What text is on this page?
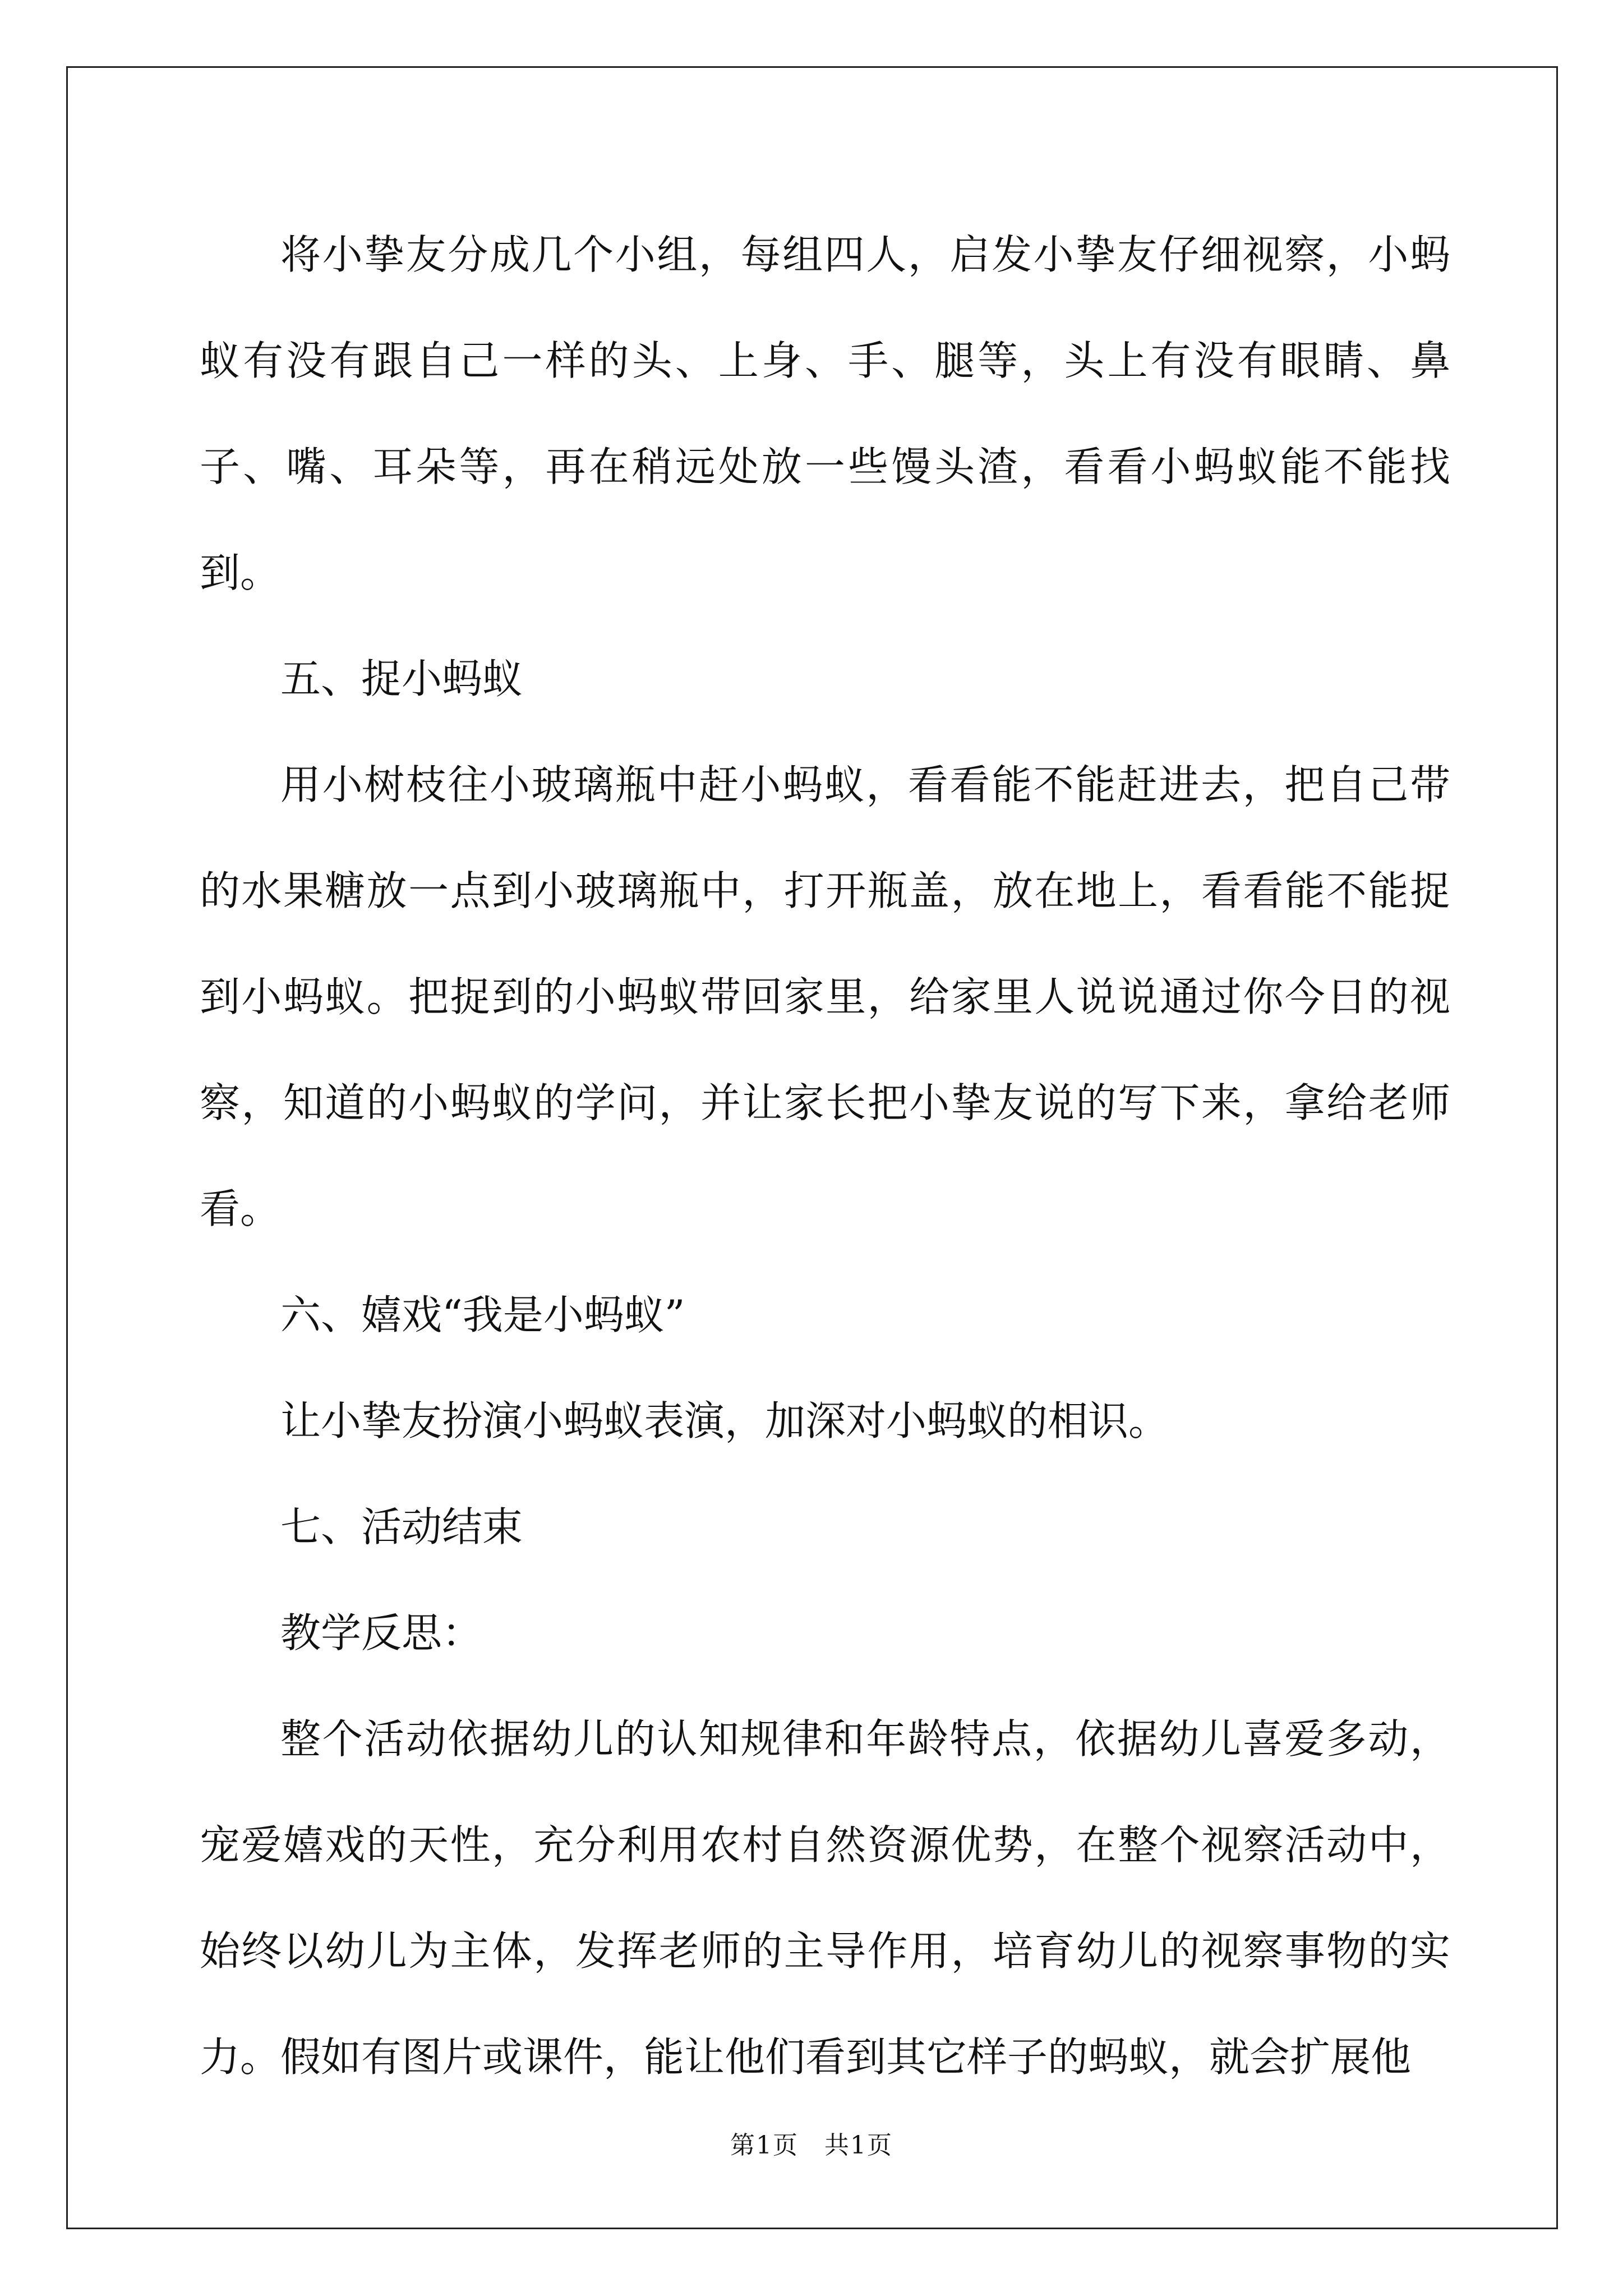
将小挚友分成几个小组，每组四人，启发小挚友仔细视察，小蚂蚁有没有跟自己一样的头、上身、手、腿等，头上有没有眼睛、鼻子、嘴、耳朵等，再在稍远处放一些馒头渣，看看小蚂蚁能不能找到。

五、捉小蚂蚁

用小树枝往小玻璃瓶中赶小蚂蚁，看看能不能赶进去，把自己带的水果糖放一点到小玻璃瓶中，打开瓶盖，放在地上，看看能不能捉到小蚂蚁。把捉到的小蚂蚁带回家里，给家里人说说通过你今日的视察，知道的小蚂蚁的学问，并让家长把小挚友说的写下来，拿给老师看。

六、嬉戏“我是小蚂蚁”

让小挚友扮演小蚂蚁表演，加深对小蚂蚁的相识。

七、活动结束

教学反思：

整个活动依据幼儿的认知规律和年龄特点，依据幼儿喜爱多动，宠爱嬉戏的天性，充分利用农村自然资源优势，在整个视察活动中，始终以幼儿为主体，发挥老师的主导作用，培育幼儿的视察事物的实力。假如有图片或课件，能让他们看到其它样子的蚂蚁，就会扩展他

第1页　共1页
